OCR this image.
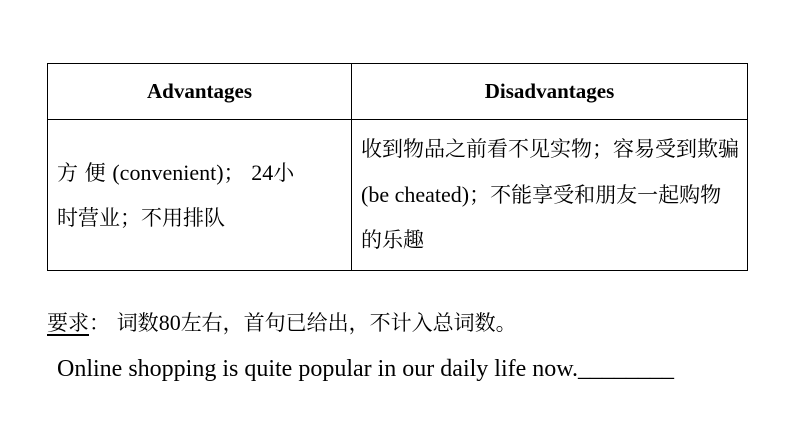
Advantages	Disadvantages

方 便 (convenient)； 24小
时营业；不用排队	收到物品之前看不见实物；容易受到欺骗(be cheated)；不能享受和朋友一起购物的乐趣
要求： 词数80左右，首句已给出，不计入总词数。
Online shopping is quite popular in our daily life now.________
